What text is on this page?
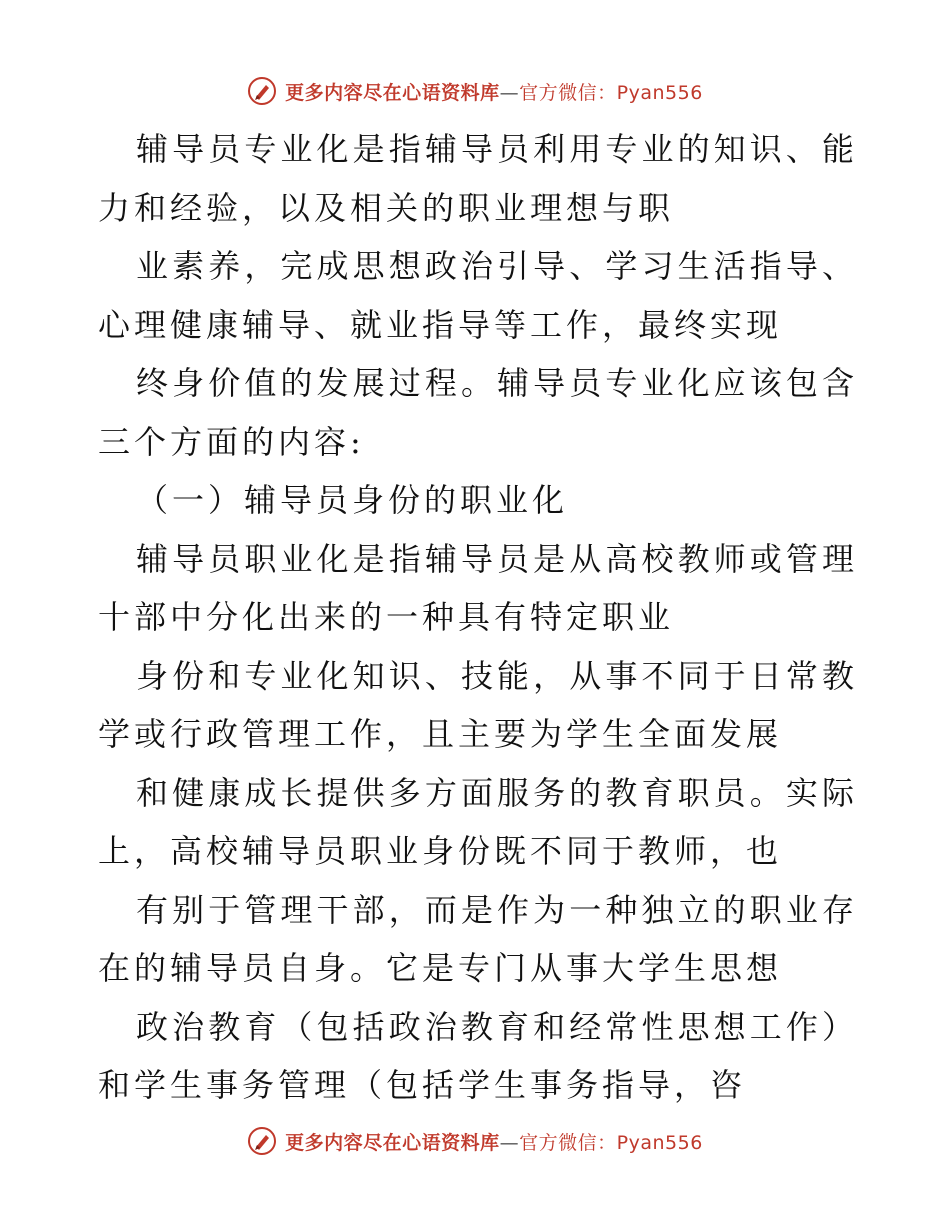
更多内容尽在心语资料库—官方微信：Pyan556

辅导员专业化是指辅导员利用专业的知识、能力和经验，以及相关的职业理想与职

业素养，完成思想政治引导、学习生活指导、心理健康辅导、就业指导等工作，最终实现

终身价值的发展过程。辅导员专业化应该包含三个方面的内容:

（一）辅导员身份的职业化

辅导员职业化是指辅导员是从高校教师或管理十部中分化出来的一种具有特定职业

身份和专业化知识、技能，从事不同于日常教学或行政管理工作，且主要为学生全面发展

和健康成长提供多方面服务的教育职员。实际上，高校辅导员职业身份既不同于教师，也

有别于管理干部，而是作为一种独立的职业存在的辅导员自身。它是专门从事大学生思想

政治教育（包括政治教育和经常性思想工作）和学生事务管理（包括学生事务指导，咨

更多内容尽在心语资料库—官方微信：Pyan556
